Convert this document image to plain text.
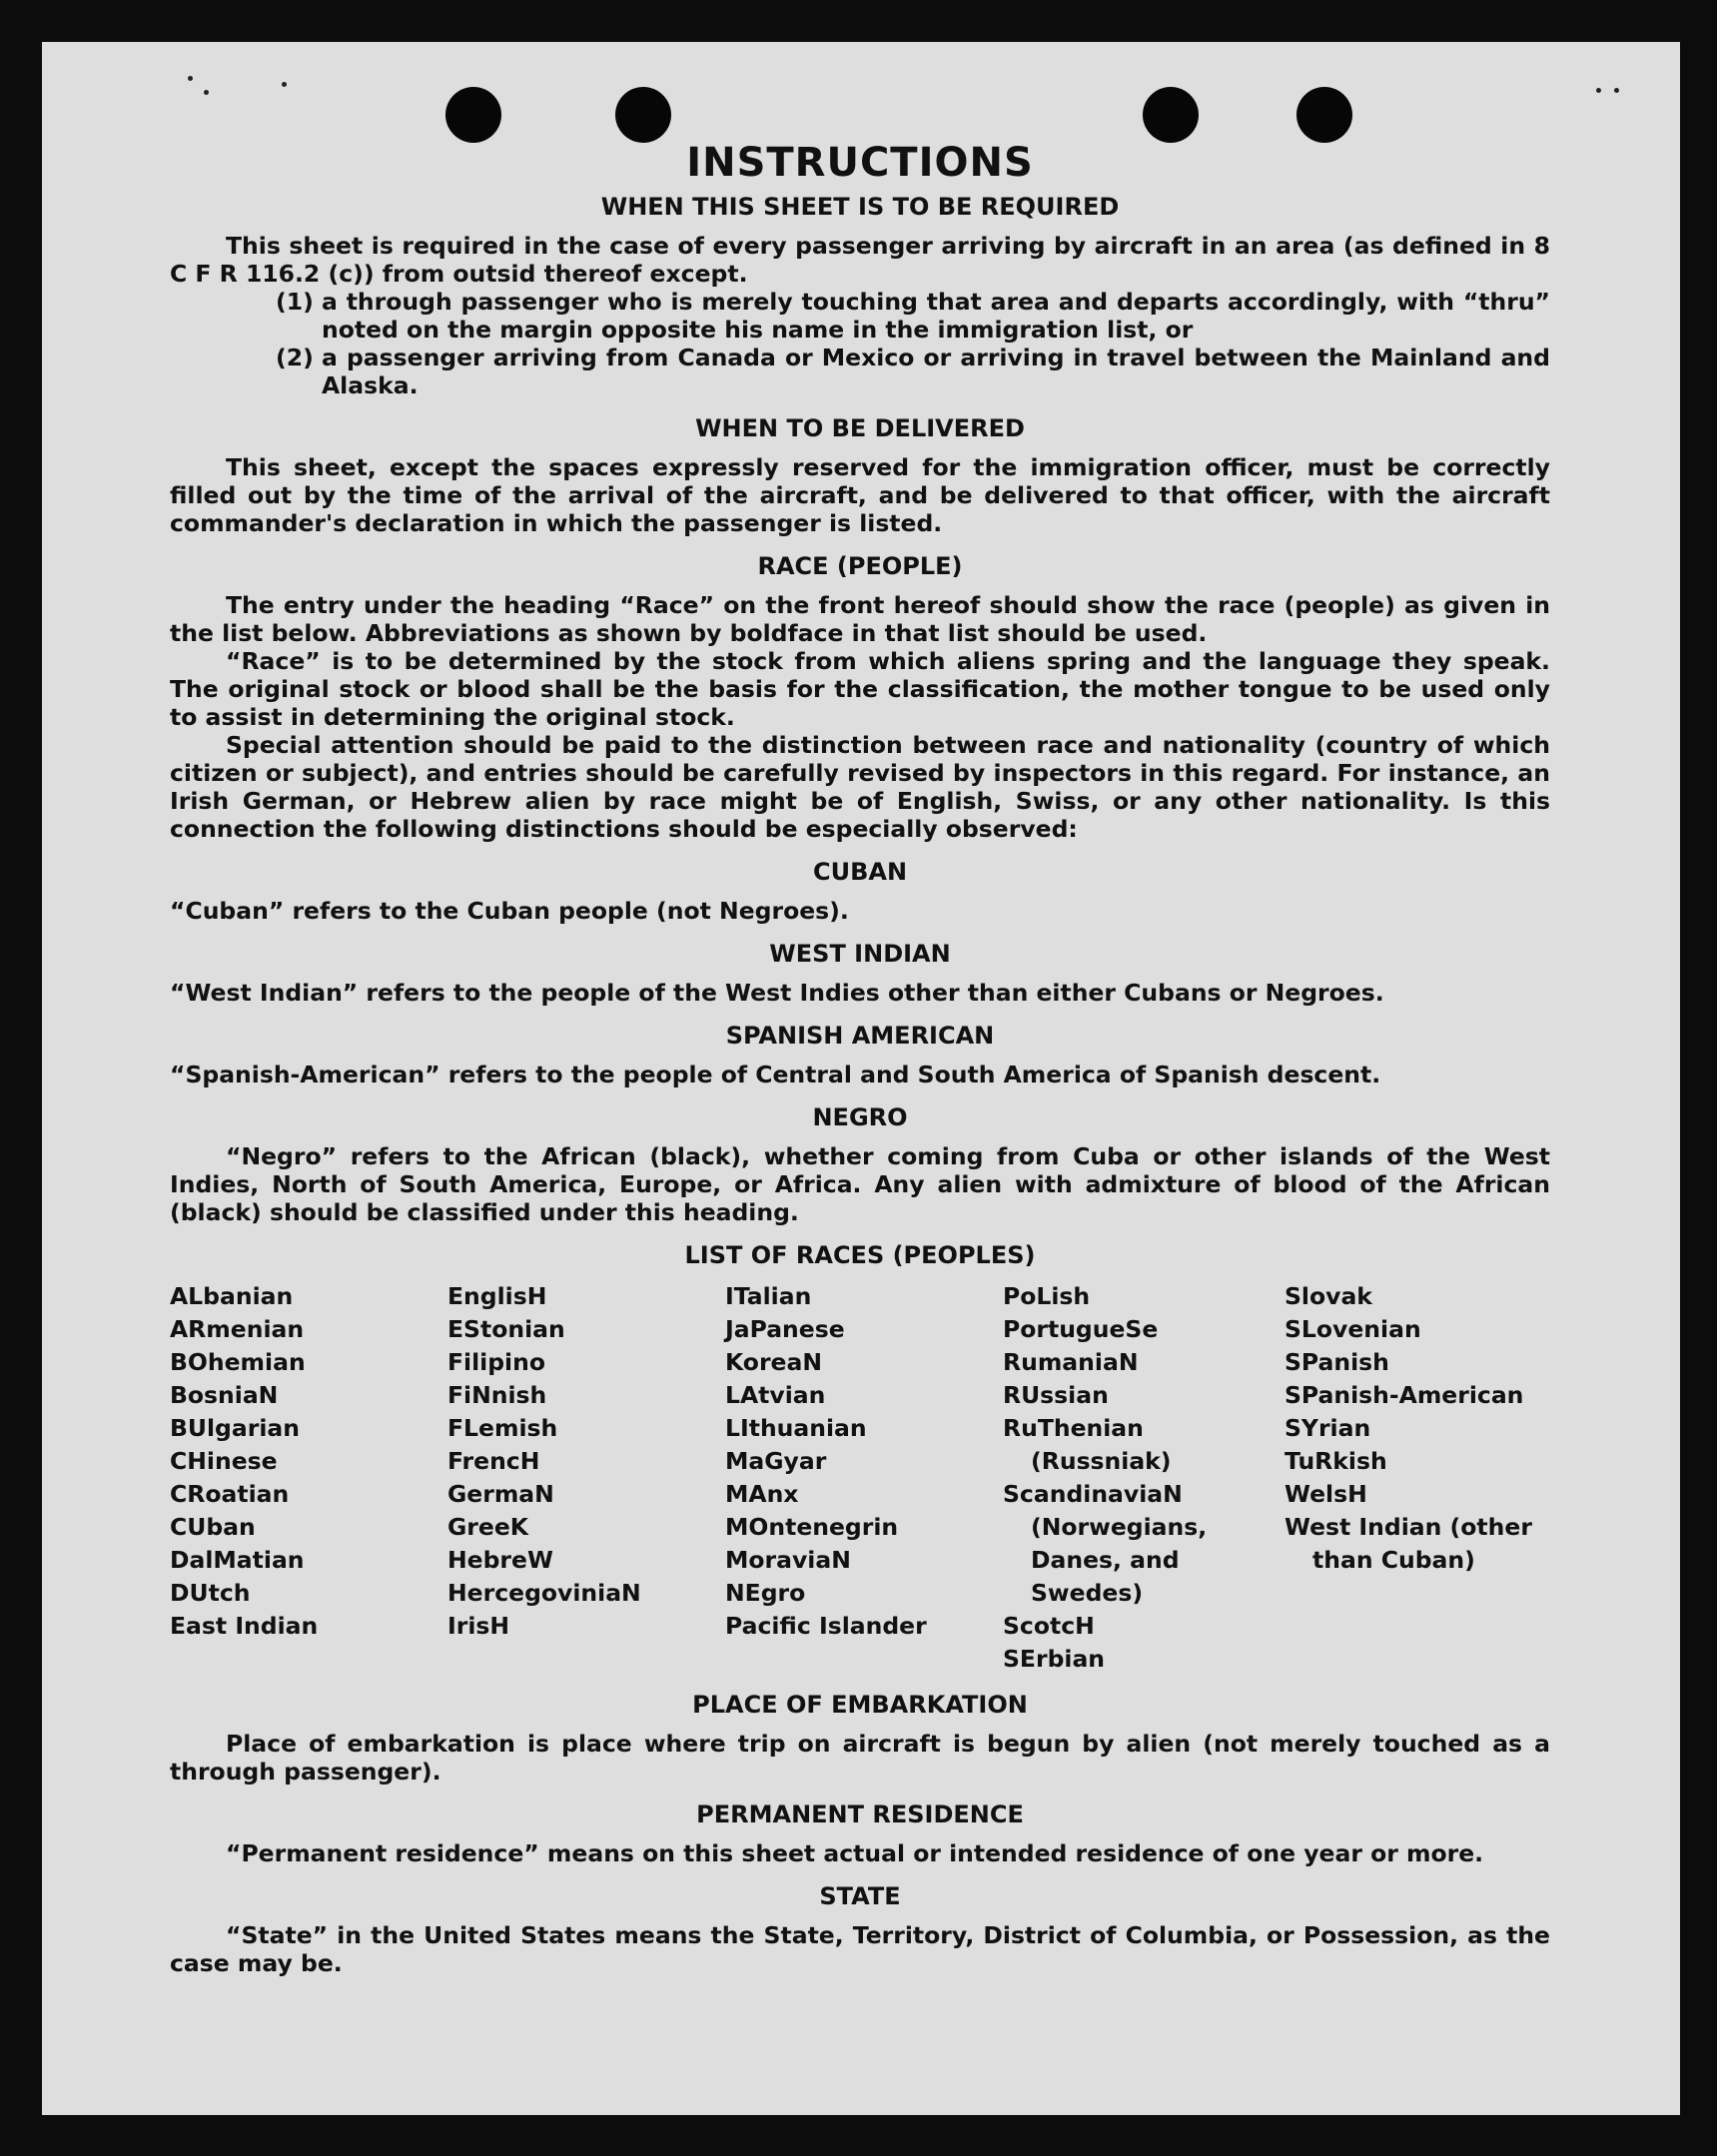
INSTRUCTIONS
WHEN THIS SHEET IS TO BE REQUIRED

This sheet is required in the case of every passenger arriving by aircraft in an area (as defined in 8 C F R 116.2 (c)) from outsid thereof except.

(1) a through passenger who is merely touching that area and departs accordingly, with “thru” noted on the margin opposite his name in the immigration list, or
(2) a passenger arriving from Canada or Mexico or arriving in travel between the Mainland and Alaska.
WHEN TO BE DELIVERED

This sheet, except the spaces expressly reserved for the immigration officer, must be correctly filled out by the time of the arrival of the aircraft, and be delivered to that officer, with the aircraft commander's declaration in which the passenger is listed.

RACE (PEOPLE)

The entry under the heading “Race” on the front hereof should show the race (people) as given in the list below. Abbreviations as shown by boldface in that list should be used.

“Race” is to be determined by the stock from which aliens spring and the language they speak. The original stock or blood shall be the basis for the classification, the mother tongue to be used only to assist in determining the original stock.

Special attention should be paid to the distinction between race and nationality (country of which citizen or subject), and entries should be carefully revised by inspectors in this regard. For instance, an Irish German, or Hebrew alien by race might be of English, Swiss, or any other nationality. Is this connection the following distinctions should be especially observed:

CUBAN

“Cuban” refers to the Cuban people (not Negroes).

WEST INDIAN

“West Indian” refers to the people of the West Indies other than either Cubans or Negroes.

SPANISH AMERICAN

“Spanish-American” refers to the people of Central and South America of Spanish descent.

NEGRO

“Negro” refers to the African (black), whether coming from Cuba or other islands of the West Indies, North of South America, Europe, or Africa. Any alien with admixture of blood of the African (black) should be classified under this heading.

LIST OF RACES (PEOPLES)
ALbanian
ARmenian
BOhemian
BosniaN
BUlgarian
CHinese
CRoatian
CUban
DalMatian
DUtch
East Indian
EnglisH
EStonian
Filipino
FiNnish
FLemish
FrencH
GermaN
GreeK
HebreW
HercegoviniaN
IrisH
ITalian
JaPanese
KoreaN
LAtvian
LIthuanian
MaGyar
MAnx
MOntenegrin
MoraviaN
NEgro
Pacific Islander
PoLish
PortugueSe
RumaniaN
RUssian
RuThenian (Russniak)
ScandinaviaN (Norwegians, Danes, and Swedes)
ScotcH
SErbian
Slovak
SLovenian
SPanish
SPanish-American
SYrian
TuRkish
WelsH
West Indian (other than Cuban)
PLACE OF EMBARKATION

Place of embarkation is place where trip on aircraft is begun by alien (not merely touched as a through passenger).

PERMANENT RESIDENCE

“Permanent residence” means on this sheet actual or intended residence of one year or more.

STATE

“State” in the United States means the State, Territory, District of Columbia, or Possession, as the case may be.
